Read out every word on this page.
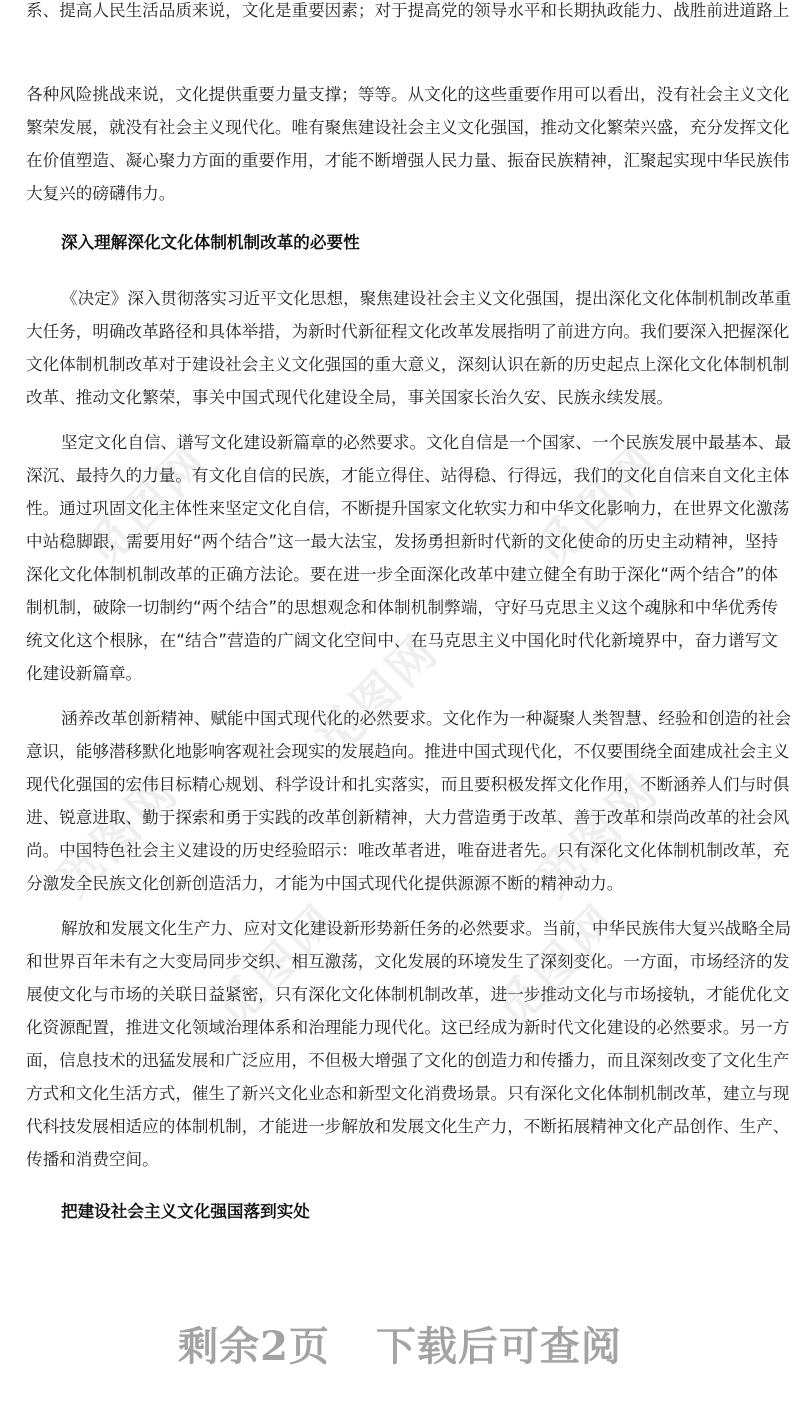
觅图网	觅图网
觅图网
觅图网	觅图网
觅图网	觅图网
系、提高人民生活品质来说，文化是重要因素；对于提高党的领导水平和长期执政能力、战胜前进道路上
各种风险挑战来说，文化提供重要力量支撑；等等。从文化的这些重要作用可以看出，没有社会主义文化
繁荣发展，就没有社会主义现代化。唯有聚焦建设社会主义文化强国，推动文化繁荣兴盛，充分发挥文化
在价值塑造、凝心聚力方面的重要作用，才能不断增强人民力量、振奋民族精神，汇聚起实现中华民族伟
大复兴的磅礴伟力。
深入理解深化文化体制机制改革的必要性
《决定》深入贯彻落实习近平文化思想，聚焦建设社会主义文化强国，提出深化文化体制机制改革重
大任务，明确改革路径和具体举措，为新时代新征程文化改革发展指明了前进方向。我们要深入把握深化
文化体制机制改革对于建设社会主义文化强国的重大意义，深刻认识在新的历史起点上深化文化体制机制
改革、推动文化繁荣，事关中国式现代化建设全局，事关国家长治久安、民族永续发展。
坚定文化自信、谱写文化建设新篇章的必然要求。文化自信是一个国家、一个民族发展中最基本、最
深沉、最持久的力量。有文化自信的民族，才能立得住、站得稳、行得远，我们的文化自信来自文化主体
性。通过巩固文化主体性来坚定文化自信，不断提升国家文化软实力和中华文化影响力，在世界文化激荡
中站稳脚跟，需要用好“两个结合”这一最大法宝，发扬勇担新时代新的文化使命的历史主动精神，坚持
深化文化体制机制改革的正确方法论。要在进一步全面深化改革中建立健全有助于深化“两个结合”的体
制机制，破除一切制约“两个结合”的思想观念和体制机制弊端，守好马克思主义这个魂脉和中华优秀传
统文化这个根脉，在“结合”营造的广阔文化空间中、在马克思主义中国化时代化新境界中，奋力谱写文
化建设新篇章。
涵养改革创新精神、赋能中国式现代化的必然要求。文化作为一种凝聚人类智慧、经验和创造的社会
意识，能够潜移默化地影响客观社会现实的发展趋向。推进中国式现代化，不仅要围绕全面建成社会主义
现代化强国的宏伟目标精心规划、科学设计和扎实落实，而且要积极发挥文化作用，不断涵养人们与时俱
进、锐意进取、勤于探索和勇于实践的改革创新精神，大力营造勇于改革、善于改革和崇尚改革的社会风
尚。中国特色社会主义建设的历史经验昭示：唯改革者进，唯奋进者先。只有深化文化体制机制改革，充
分激发全民族文化创新创造活力，才能为中国式现代化提供源源不断的精神动力。
解放和发展文化生产力、应对文化建设新形势新任务的必然要求。当前，中华民族伟大复兴战略全局
和世界百年未有之大变局同步交织、相互激荡，文化发展的环境发生了深刻变化。一方面，市场经济的发
展使文化与市场的关联日益紧密，只有深化文化体制机制改革，进一步推动文化与市场接轨，才能优化文
化资源配置，推进文化领域治理体系和治理能力现代化。这已经成为新时代文化建设的必然要求。另一方
面，信息技术的迅猛发展和广泛应用，不但极大增强了文化的创造力和传播力，而且深刻改变了文化生产
方式和文化生活方式，催生了新兴文化业态和新型文化消费场景。只有深化文化体制机制改革，建立与现
代科技发展相适应的体制机制，才能进一步解放和发展文化生产力，不断拓展精神文化产品创作、生产、
传播和消费空间。
把建设社会主义文化强国落到实处
剩余2页 下载后可查阅
